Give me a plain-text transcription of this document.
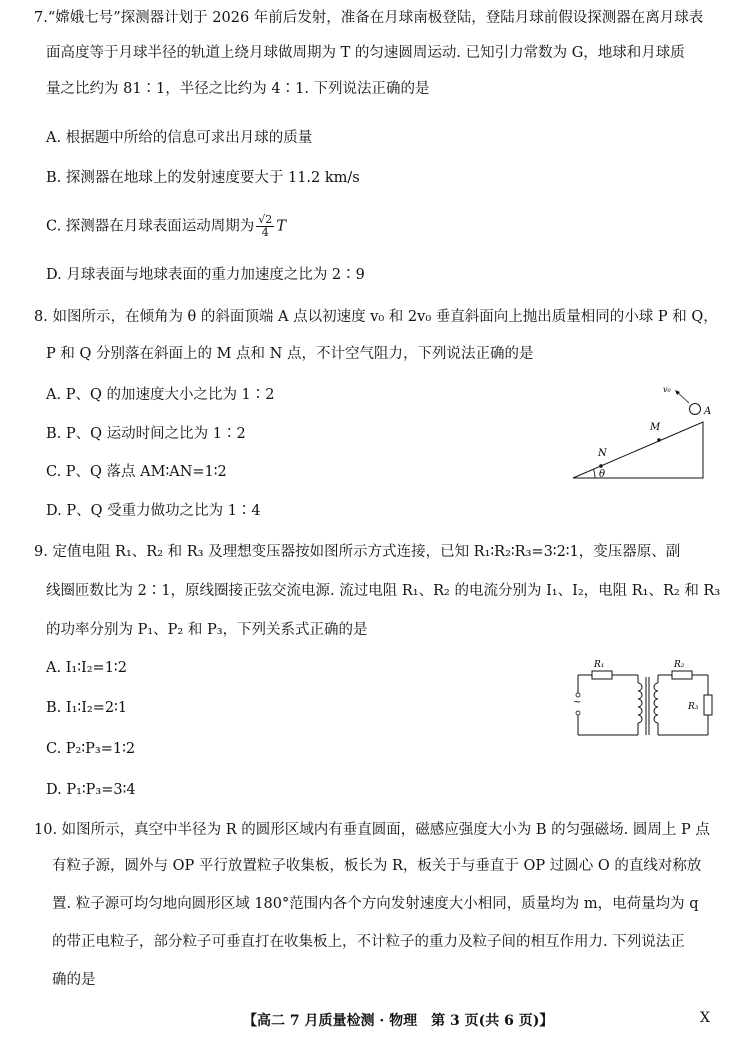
7.“嫦娥七号”探测器计划于 2026 年前后发射，准备在月球南极登陆，登陆月球前假设探测器在离月球表
面高度等于月球半径的轨道上绕月球做周期为 T 的匀速圆周运动. 已知引力常数为 G，地球和月球质
量之比约为 81∶1，半径之比约为 4∶1. 下列说法正确的是
A. 根据题中所给的信息可求出月球的质量
B. 探测器在地球上的发射速度要大于 11.2 km/s
C. 探测器在月球表面运动周期为 $\frac{√2}{4}$ T
D. 月球表面与地球表面的重力加速度之比为 2∶9
8. 如图所示，在倾角为 θ 的斜面顶端 A 点以初速度 v₀ 和 2v₀ 垂直斜面向上抛出质量相同的小球 P 和 Q，
P 和 Q 分别落在斜面上的 M 点和 N 点，不计空气阻力，下列说法正确的是
A. P、Q 的加速度大小之比为 1∶2
B. P、Q 运动时间之比为 1∶2
C. P、Q 落点 AM∶AN=1∶2
D. P、Q 受重力做功之比为 1∶4
θ
A
v₀
M
N
9. 定值电阻 R₁、R₂ 和 R₃ 及理想变压器按如图所示方式连接，已知 R₁∶R₂∶R₃=3∶2∶1，变压器原、副
线圈匝数比为 2∶1，原线圈接正弦交流电源. 流过电阻 R₁、R₂ 的电流分别为 I₁、I₂，电阻 R₁、R₂ 和 R₃
的功率分别为 P₁、P₂ 和 P₃，下列关系式正确的是
A. I₁∶I₂=1∶2
B. I₁∶I₂=2∶1
C. P₂∶P₃=1∶2
D. P₁∶P₃=3∶4
R₁
~
R₂
R₃
10. 如图所示，真空中半径为 R 的圆形区域内有垂直圆面，磁感应强度大小为 B 的匀强磁场. 圆周上 P 点
有粒子源，圆外与 OP 平行放置粒子收集板，板长为 R，板关于与垂直于 OP 过圆心 O 的直线对称放
置. 粒子源可均匀地向圆形区域 180°范围内各个方向发射速度大小相同，质量均为 m，电荷量均为 q
的带正电粒子，部分粒子可垂直打在收集板上，不计粒子的重力及粒子间的相互作用力. 下列说法正
确的是
【高二 7 月质量检测 · 物理　第 3 页(共 6 页)】	X
